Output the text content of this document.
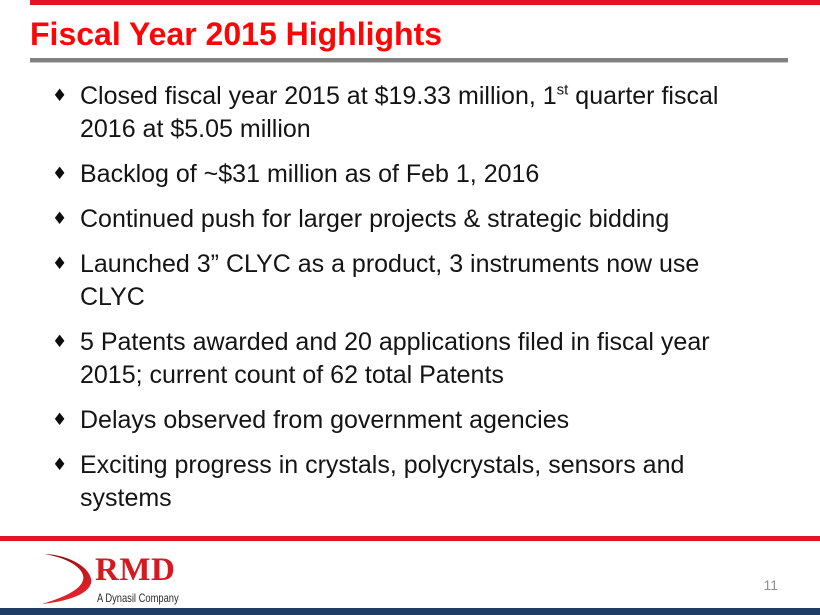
Fiscal Year 2015 Highlights
♦ Closed fiscal year 2015 at $19.33 million, 1st quarter fiscal 2016 at $5.05 million
♦ Backlog of ~$31 million as of Feb 1, 2016
♦ Continued push for larger projects & strategic bidding
♦ Launched 3” CLYC as a product, 3 instruments now use CLYC
♦ 5 Patents awarded and 20 applications filed in fiscal year 2015; current count of 62 total Patents
♦ Delays observed from government agencies
♦ Exciting progress in crystals, polycrystals, sensors and systems
RMD
A Dynasil Company
11
